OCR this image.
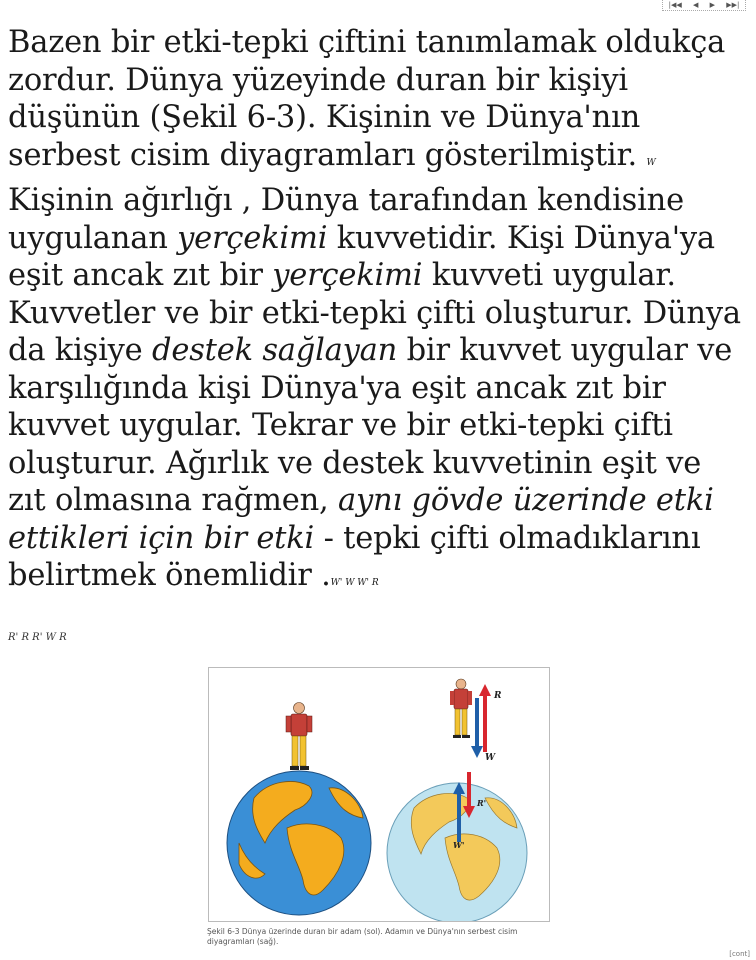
|◀◀ ◀ ▶ ▶▶|
Bazen bir etki-tepki çiftini tanımlamak oldukça zordur. Dünya yüzeyinde duran bir kişiyi düşünün (Şekil 6-3). Kişinin ve Dünya'nın serbest cisim diyagramları gösterilmiştir. W Kişinin ağırlığı , Dünya tarafından kendisine uygulanan yerçekimi kuvvetidir. Kişi Dünya'ya eşit ancak zıt bir yerçekimi kuvveti uygular. Kuvvetler ve bir etki-tepki çifti oluşturur. Dünya da kişiye destek sağlayan bir kuvvet uygular ve karşılığında kişi Dünya'ya eşit ancak zıt bir kuvvet uygular. Tekrar ve bir etki-tepki çifti oluşturur. Ağırlık ve destek kuvvetinin eşit ve zıt olmasına rağmen, aynı gövde üzerinde etki ettikleri için bir etki - tepki çifti olmadıklarını belirtmek önemlidir .W' W W' R
R' R R' W R
R
W
R'
W'
Şekil 6-3 Dünya üzerinde duran bir adam (sol). Adamın ve Dünya'nın serbest cisim diyagramları (sağ).
[cont]
